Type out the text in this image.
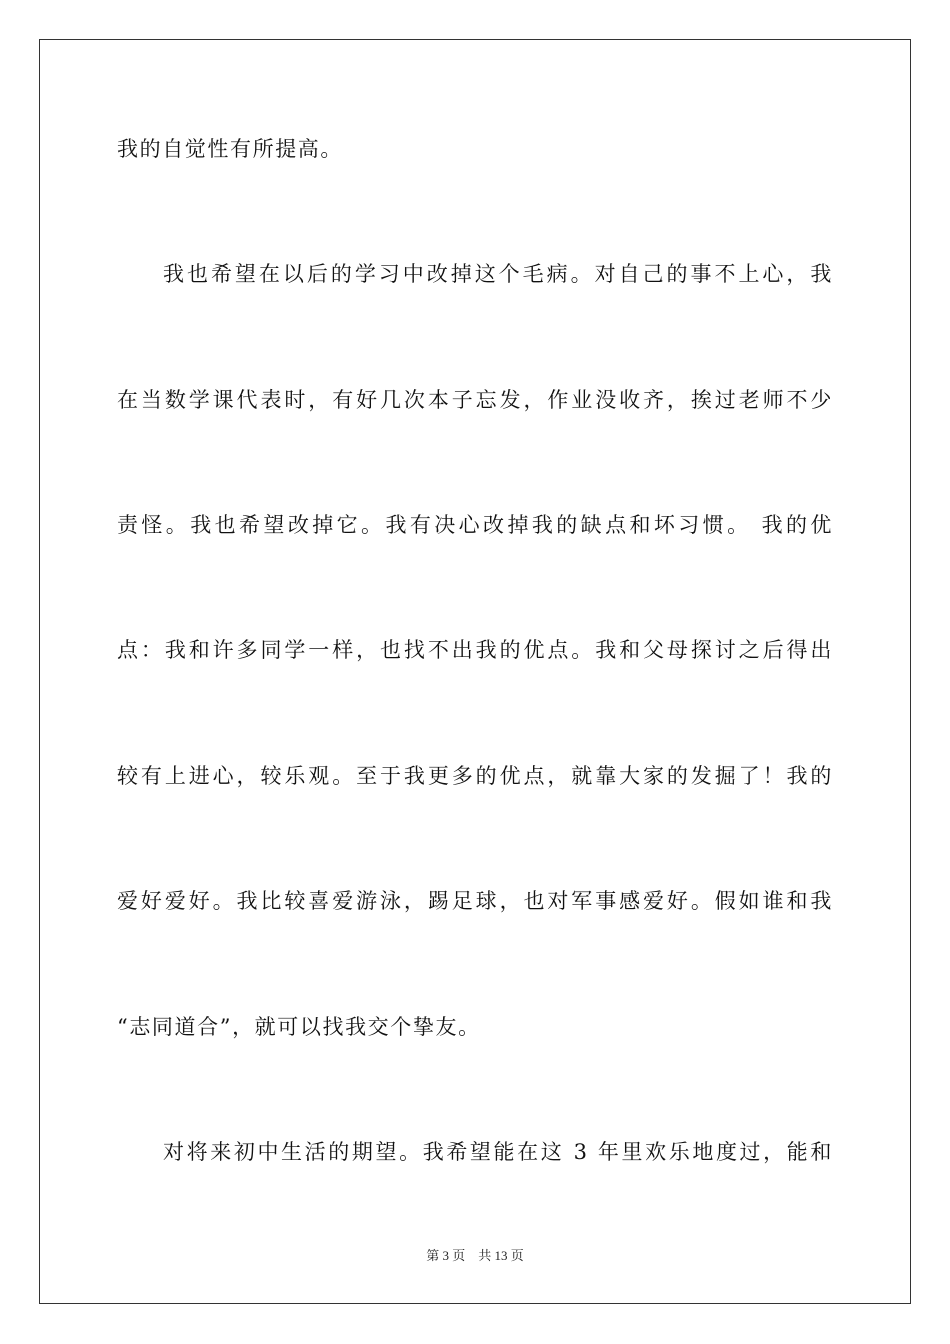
我的自觉性有所提高。
我也希望在以后的学习中改掉这个毛病。对自己的事不上心，我
在当数学课代表时，有好几次本子忘发，作业没收齐，挨过老师不少
责怪。我也希望改掉它。我有决心改掉我的缺点和坏习惯。 我的优
点：我和许多同学一样，也找不出我的优点。我和父母探讨之后得出
较有上进心，较乐观。至于我更多的优点，就靠大家的发掘了！我的
爱好爱好。我比较喜爱游泳，踢足球，也对军事感爱好。假如谁和我
“志同道合”，就可以找我交个挚友。
对将来初中生活的期望。我希望能在这 3 年里欢乐地度过，能和
第 3 页　共 13 页
